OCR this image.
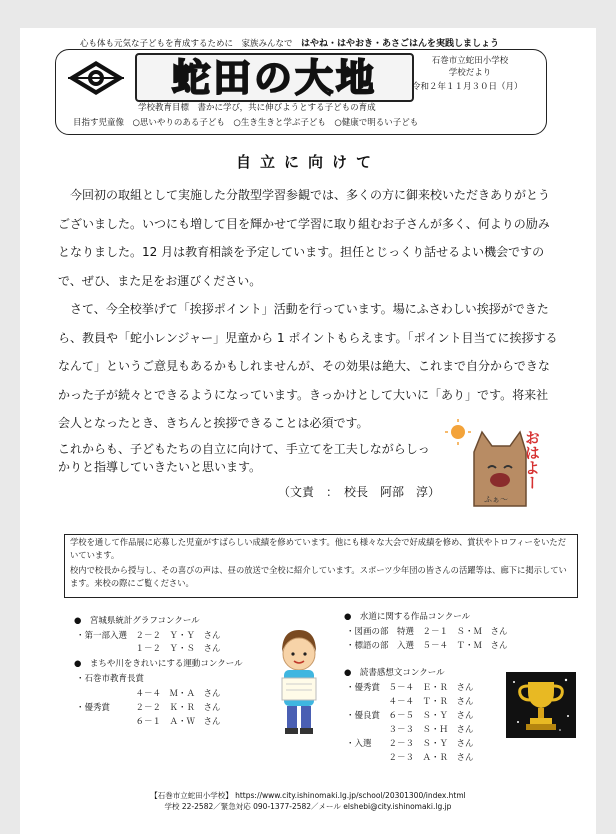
心も体も元気な子どもを育成するために　家族みんなで　 はやね・はやおき・あさごはんを実践しましょう
蛇田の大地	石巻市立蛇田小学校
学校だより
令和２年１１月３０日（月）
学校教育目標　書かに学び，共に伸びようとする子どもの育成
目指す児童像　○思いやりのある子ども　○生き生きと学ぶ子ども　○健康で明るい子ども
自立に向けて
今回初の取組として実施した分散型学習参観では、多くの方に御来校いただきありがとうございました。いつにも増して目を輝かせて学習に取り組むお子さんが多く、何よりの励みとなりました。12 月は教育相談を予定しています。担任とじっくり話せるよい機会ですので、ぜひ、また足をお運びください。
さて、今全校挙げて「挨拶ポイント」活動を行っています。場にふさわしい挨拶ができたら、教員や「蛇小レンジャー」児童から 1 ポイントもらえます。「ポイント目当てに挨拶するなんて」というご意見もあるかもしれませんが、その効果は絶大、これまで自分からできなかった子が続々とできるようになっています。きっかけとして大いに「あり」です。将来社会人となったとき、きちんと挨拶できることは必須です。
これからも、子どもたちの自立に向けて、手立てを工夫しながらしっかりと指導していきたいと思います。
（文責　：　校長　阿部　淳）
ふぁ〜
おはよー

学校を通して作品展に応募した児童がすばらしい成績を修めています。他にも様々な大会で好成績を修め、賞状やトロフィーをいただいています。

校内で校長から授与し、その喜びの声は、昼の放送で全校に紹介しています。スポーツ少年団の皆さんの活躍等は、廊下に掲示しています。来校の際にご覧ください。

●　宮城県統計グラフコンクール
・第一部入選　２－２　Ｙ・Ｙ　さん
　　　　　　　１－２　Ｙ・Ｓ　さん
●　まちや川をきれいにする運動コンクール
・石巻市教育長賞
　　　　　　　４－４　Ｍ・Ａ　さん
・優秀賞　　　２－２　Ｋ・Ｒ　さん
　　　　　　　６－１　Ａ・Ｗ　さん
●　水道に関する作品コンクール
・図画の部　特選　２－１　Ｓ・Ｍ　さん
・標語の部　入選　５－４　Ｔ・Ｍ　さん
●　読書感想文コンクール
・優秀賞　５－４　Ｅ・Ｒ　さん
　　　　　４－４　Ｔ・Ｒ　さん
・優良賞　６－５　Ｓ・Ｙ　さん
　　　　　３－３　Ｓ・Ｈ　さん
・入選　　２－３　Ｓ・Ｙ　さん
　　　　　２－３　Ａ・Ｒ　さん
【石巻市立蛇田小学校】 https://www.city.ishinomaki.lg.jp/school/20301300/index.html
学校 22-2582／緊急対応 090-1377-2582／メール elshebi@city.ishinomaki.lg.jp
